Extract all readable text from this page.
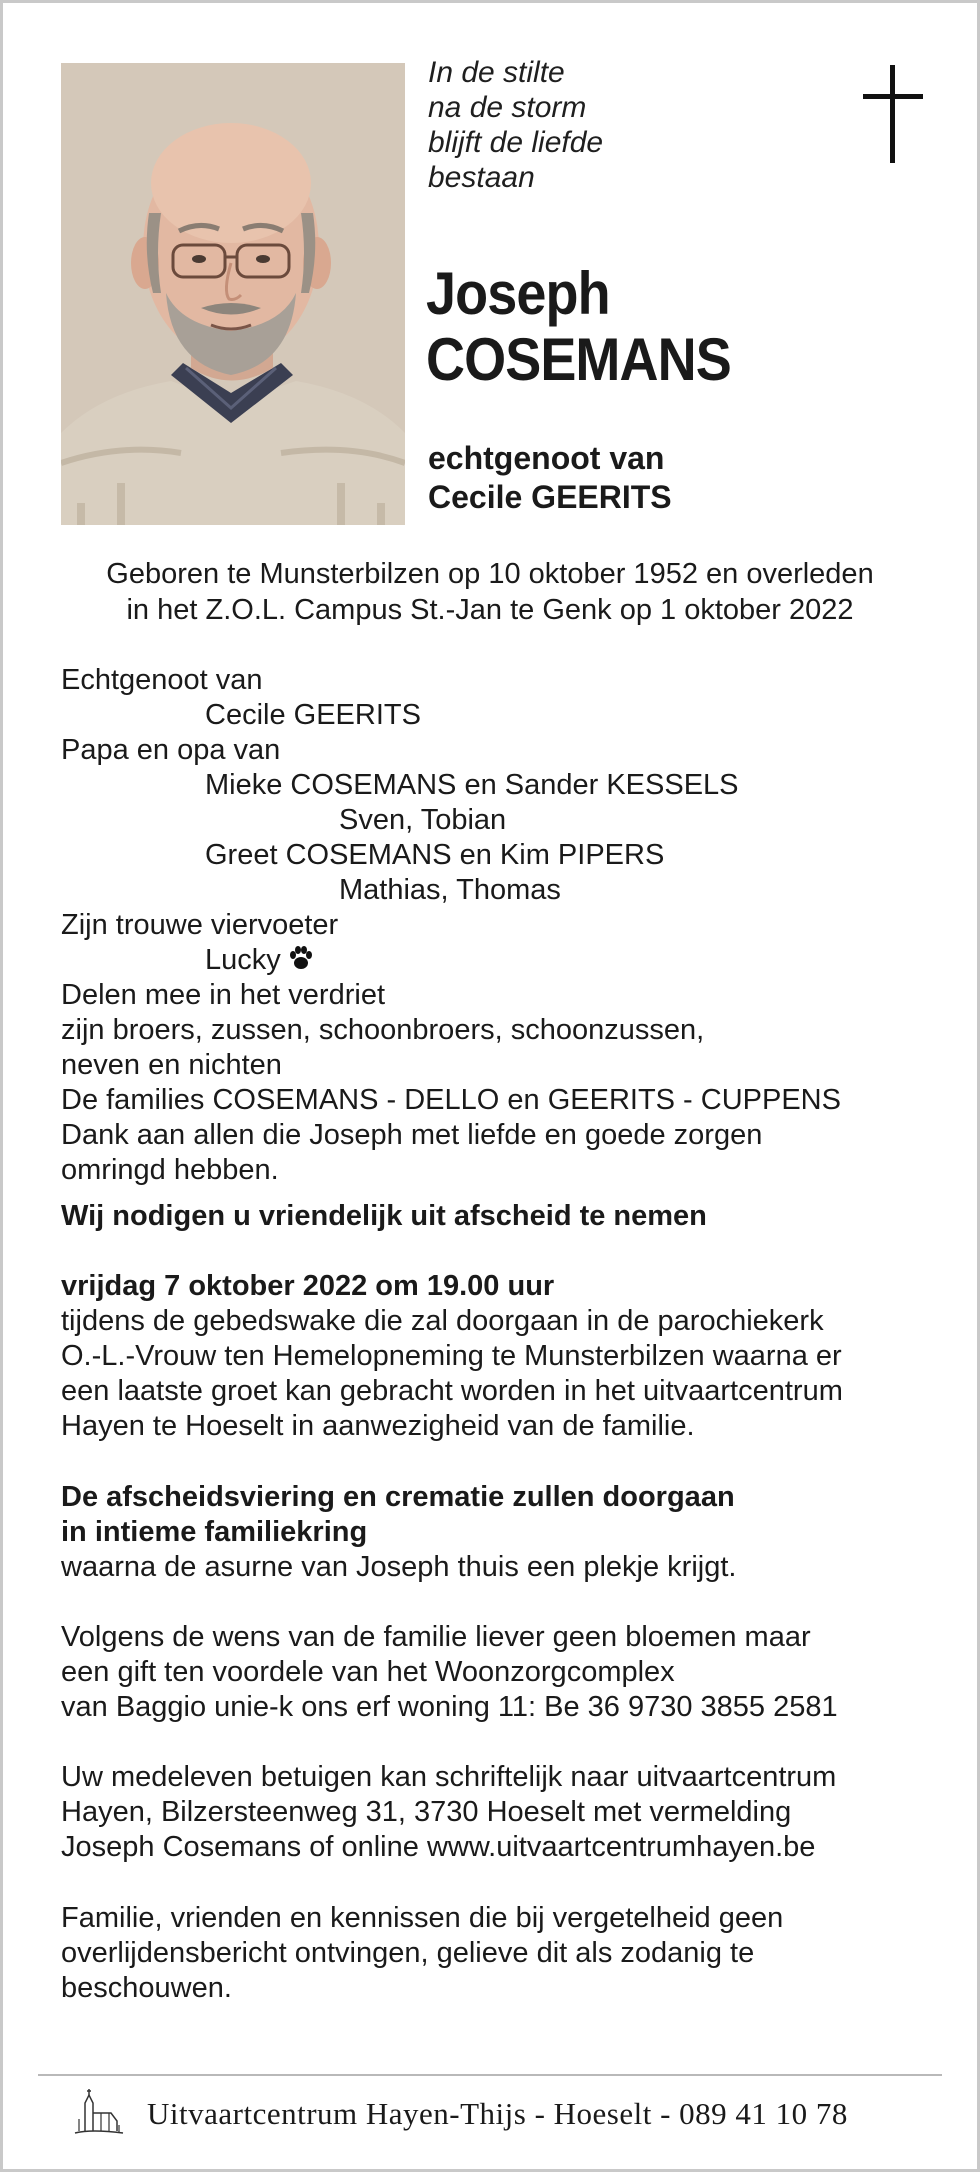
In de stilte
na de storm
blijft de liefde
bestaan
Joseph
COSEMANS
echtgenoot van
Cecile GEERITS
Geboren te Munsterbilzen op 10 oktober 1952 en overleden
in het Z.O.L. Campus St.-Jan te Genk op 1 oktober 2022
Echtgenoot van
Cecile GEERITS
Papa en opa van
Mieke COSEMANS en Sander KESSELS
Sven, Tobian
Greet COSEMANS en Kim PIPERS
Mathias, Thomas
Zijn trouwe viervoeter
Lucky
Delen mee in het verdriet
zijn broers, zussen, schoonbroers, schoonzussen,
neven en nichten
De families COSEMANS - DELLO en GEERITS - CUPPENS
Dank aan allen die Joseph met liefde en goede zorgen
omringd hebben.
Wij nodigen u vriendelijk uit afscheid te nemen
vrijdag 7 oktober 2022 om 19.00 uur
tijdens de gebedswake die zal doorgaan in de parochiekerk
O.-L.-Vrouw ten Hemelopneming te Munsterbilzen waarna er
een laatste groet kan gebracht worden in het uitvaartcentrum
Hayen te Hoeselt in aanwezigheid van de familie.
De afscheidsviering en crematie zullen doorgaan
in intieme familiekring
waarna de asurne van Joseph thuis een plekje krijgt.
Volgens de wens van de familie liever geen bloemen maar
een gift ten voordele van het Woonzorgcomplex
van Baggio unie-k ons erf woning 11: Be 36 9730 3855 2581
Uw medeleven betuigen kan schriftelijk naar uitvaartcentrum
Hayen, Bilzersteenweg 31, 3730 Hoeselt met vermelding
Joseph Cosemans of online www.uitvaartcentrumhayen.be
Familie, vrienden en kennissen die bij vergetelheid geen
overlijdensbericht ontvingen, gelieve dit als zodanig te
beschouwen.
Uitvaartcentrum Hayen-Thijs - Hoeselt - 089 41 10 78
